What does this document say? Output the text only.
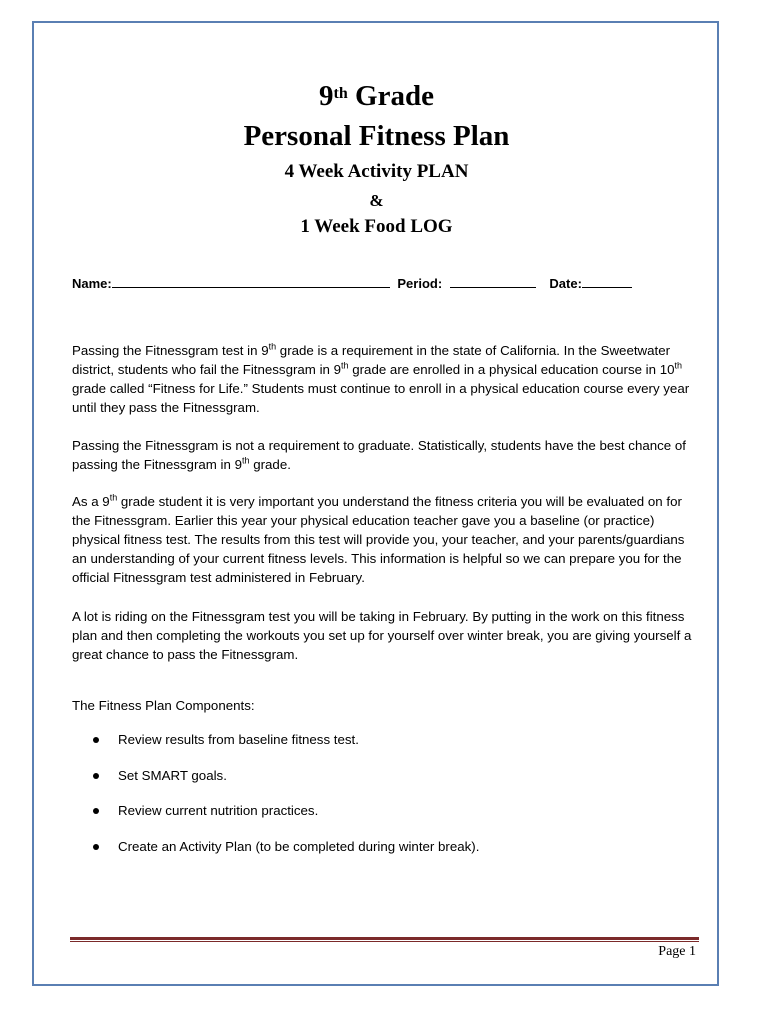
9th Grade
Personal Fitness Plan
4 Week Activity PLAN
&
1 Week Food LOG
Name:	Period:	Date:
Passing the Fitnessgram test in 9th grade is a requirement in the state of California. In the Sweetwater district, students who fail the Fitnessgram in 9th grade are enrolled in a physical education course in 10th grade called “Fitness for Life.” Students must continue to enroll in a physical education course every year until they pass the Fitnessgram.
Passing the Fitnessgram is not a requirement to graduate. Statistically, students have the best chance of passing the Fitnessgram in 9th grade.
As a 9th grade student it is very important you understand the fitness criteria you will be evaluated on for the Fitnessgram. Earlier this year your physical education teacher gave you a baseline (or practice) physical fitness test. The results from this test will provide you, your teacher, and your parents/guardians an understanding of your current fitness levels. This information is helpful so we can prepare you for the official Fitnessgram test administered in February.
A lot is riding on the Fitnessgram test you will be taking in February. By putting in the work on this fitness plan and then completing the workouts you set up for yourself over winter break, you are giving yourself a great chance to pass the Fitnessgram.
The Fitness Plan Components:
Review results from baseline fitness test.
Set SMART goals.
Review current nutrition practices.
Create an Activity Plan (to be completed during winter break).
Page 1
